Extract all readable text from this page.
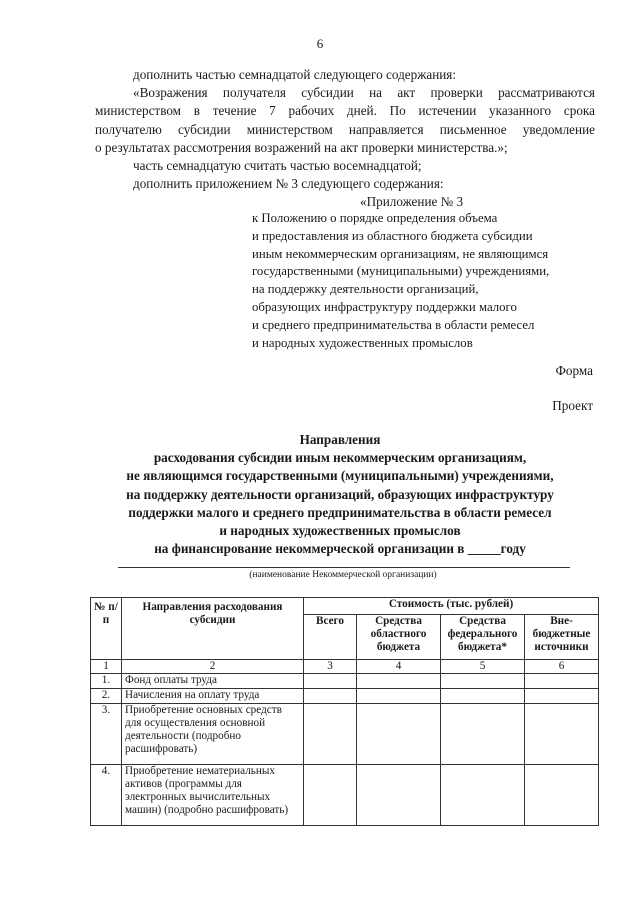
6
дополнить частью семнадцатой следующего содержания:
«Возражения получателя субсидии на акт проверки рассматриваются
министерством в течение 7 рабочих дней. По истечении указанного срока
получателю субсидии министерством направляется письменное уведомление
о результатах рассмотрения возражений на акт проверки министерства.»;
часть семнадцатую считать частью восемнадцатой;
дополнить приложением № 3 следующего содержания:
«Приложение № 3
к Положению о порядке определения объема
и предоставления из областного бюджета субсидии
иным некоммерческим организациям, не являющимся
государственными (муниципальными) учреждениями,
на поддержку деятельности организаций,
образующих инфраструктуру поддержки малого
и среднего предпринимательства в области ремесел
и народных художественных промыслов
Форма
Проект
Направления
расходования субсидии иным некоммерческим организациям,
не являющимся государственными (муниципальными) учреждениями,
на поддержку деятельности организаций, образующих инфраструктуру
поддержки малого и среднего предпринимательства в области ремесел
и народных художественных промыслов
на финансирование некоммерческой организации в _____году
(наименование Некоммерческой организации)
№ п/п	Направления расходования субсидии	Стоимость (тыс. рублей)			
		Всего	Средства областного бюджета	Средства федерального бюджета*	Вне-бюджетные источники
1	2	3	4	5	6
1.	Фонд оплаты труда				
2.	Начисления на оплату труда				
3.	Приобретение основных средств для осуществления основной деятельности (подробно расшифровать)				
4.	Приобретение нематериальных активов (программы для электронных вычислительных машин) (подробно расшифровать)				
